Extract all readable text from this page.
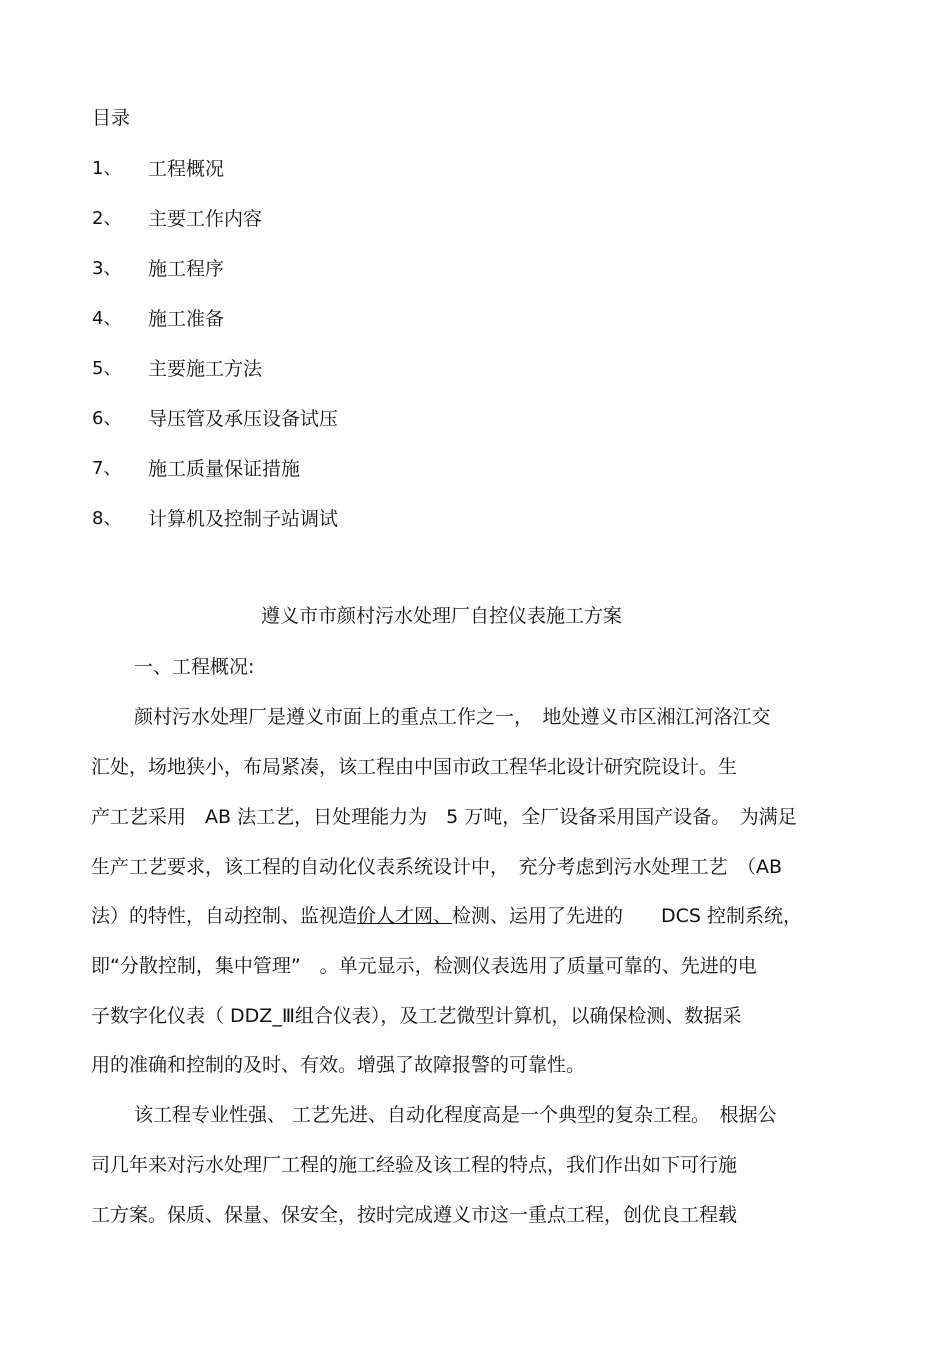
目录
1、 工程概况
2、 主要工作内容
3、 施工程序
4、 施工准备
5、 主要施工方法
6、 导压管及承压设备试压
7、 施工质量保证措施
8、 计算机及控制子站调试
遵义市市颜村污水处理厂自控仪表施工方案
一、工程概况:
颜村污水处理厂是遵义市面上的重点工作之一，　地处遵义市区湘江河洛江交
汇处，场地狭小，布局紧凑，该工程由中国市政工程华北设计研究院设计。生
产工艺采用　AB 法工艺，日处理能力为　5 万吨，全厂设备采用国产设备。　为满足
生产工艺要求，该工程的自动化仪表系统设计中，　充分考虑到污水处理工艺　（AB
法）的特性，自动控制、监视造价人才网、检测、运用了先进的　　DCS 控制系统，
即“分散控制，集中管理”　。单元显示，检测仪表选用了质量可靠的、先进的电
子数字化仪表（ DDZ_Ⅲ组合仪表），及工艺微型计算机，以确保检测、数据采
用的准确和控制的及时、有效。增强了故障报警的可靠性。
该工程专业性强、 工艺先进、自动化程度高是一个典型的复杂工程。　根据公
司几年来对污水处理厂工程的施工经验及该工程的特点，我们作出如下可行施
工方案。保质、保量、保安全，按时完成遵义市这一重点工程，创优良工程载
